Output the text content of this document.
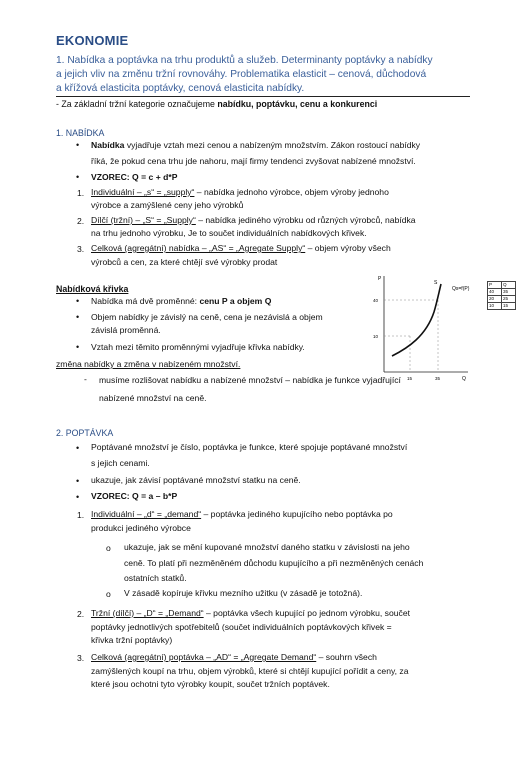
EKONOMIE
1. Nabídka a poptávka na trhu produktů a služeb. Determinanty poptávky a nabídky
a jejich vliv na změnu tržní rovnováhy. Problematika elasticit – cenová, důchodová
a křížová elasticita poptávky, cenová elasticita nabídky.
- Za základní tržní kategorie označujeme nabídku, poptávku, cenu a konkurenci
1. NABÍDKA
• Nabídka vyjadřuje vztah mezi cenou a nabízeným množstvím. Zákon rostoucí nabídky
říká, že pokud cena trhu jde nahoru, mají firmy tendenci zvyšovat nabízené množství.
• VZOREC: Q = c + d*P
1. Individuální – „s“ = „supply“ – nabídka jednoho výrobce, objem výroby jednoho
výrobce a zamýšlené ceny jeho výrobků
2. Dílčí (tržní) – „S“ = „Supply“ – nabídka jediného výrobku od různých výrobců, nabídka
na trhu jednoho výrobku, Je to součet individuálních nabídkových křivek.
3. Celková (agregátní) nabídka – „AS“ = „Agregate Supply“ – objem výroby všech
výrobců a cen, za které chtějí své výrobky prodat
Nabídková křivka
• Nabídka má dvě proměnné: cenu P a objem Q
• Objem nabídky je závislý na ceně, cena je nezávislá a objem
závislá proměnná.
• Vztah mezi těmito proměnnými vyjadřuje křivka nabídky.
P
S
Qs=f(P)
40
10
15	35	Q
P	Q
40	35
20	25
10	15
změna nabídky a změna v nabízeném množství.
- musíme rozlišovat nabídku a nabízené množství – nabídka je funkce vyjadřující
nabízené množství na ceně.
2. POPTÁVKA
• Poptávané množství je číslo, poptávka je funkce, které spojuje poptávané množství
s jejich cenami.
• ukazuje, jak závisí poptávané množství statku na ceně.
• VZOREC: Q = a – b*P
1. Individuální – „d“ = „demand“ – poptávka jediného kupujícího nebo poptávka po
produkci jediného výrobce
o ukazuje, jak se mění kupované množství daného statku v závislosti na jeho
ceně. To platí při nezměněném důchodu kupujícího a při nezměněných cenách
ostatních statků.
o V zásadě kopíruje křivku mezního užitku (v zásadě je totožná).
2. Tržní (dílčí) – „D“ = „Demand“ – poptávka všech kupující po jednom výrobku, součet
poptávky jednotlivých spotřebitelů (součet individuálních poptávkových křivek =
křivka tržní poptávky)
3. Celková (agregátní) poptávka – „AD“ = „Agregate Demand“ – souhrn všech
zamýšlených koupí na trhu, objem výrobků, které si chtějí kupující pořídit a ceny, za
které jsou ochotni tyto výrobky koupit, součet tržních poptávek.
